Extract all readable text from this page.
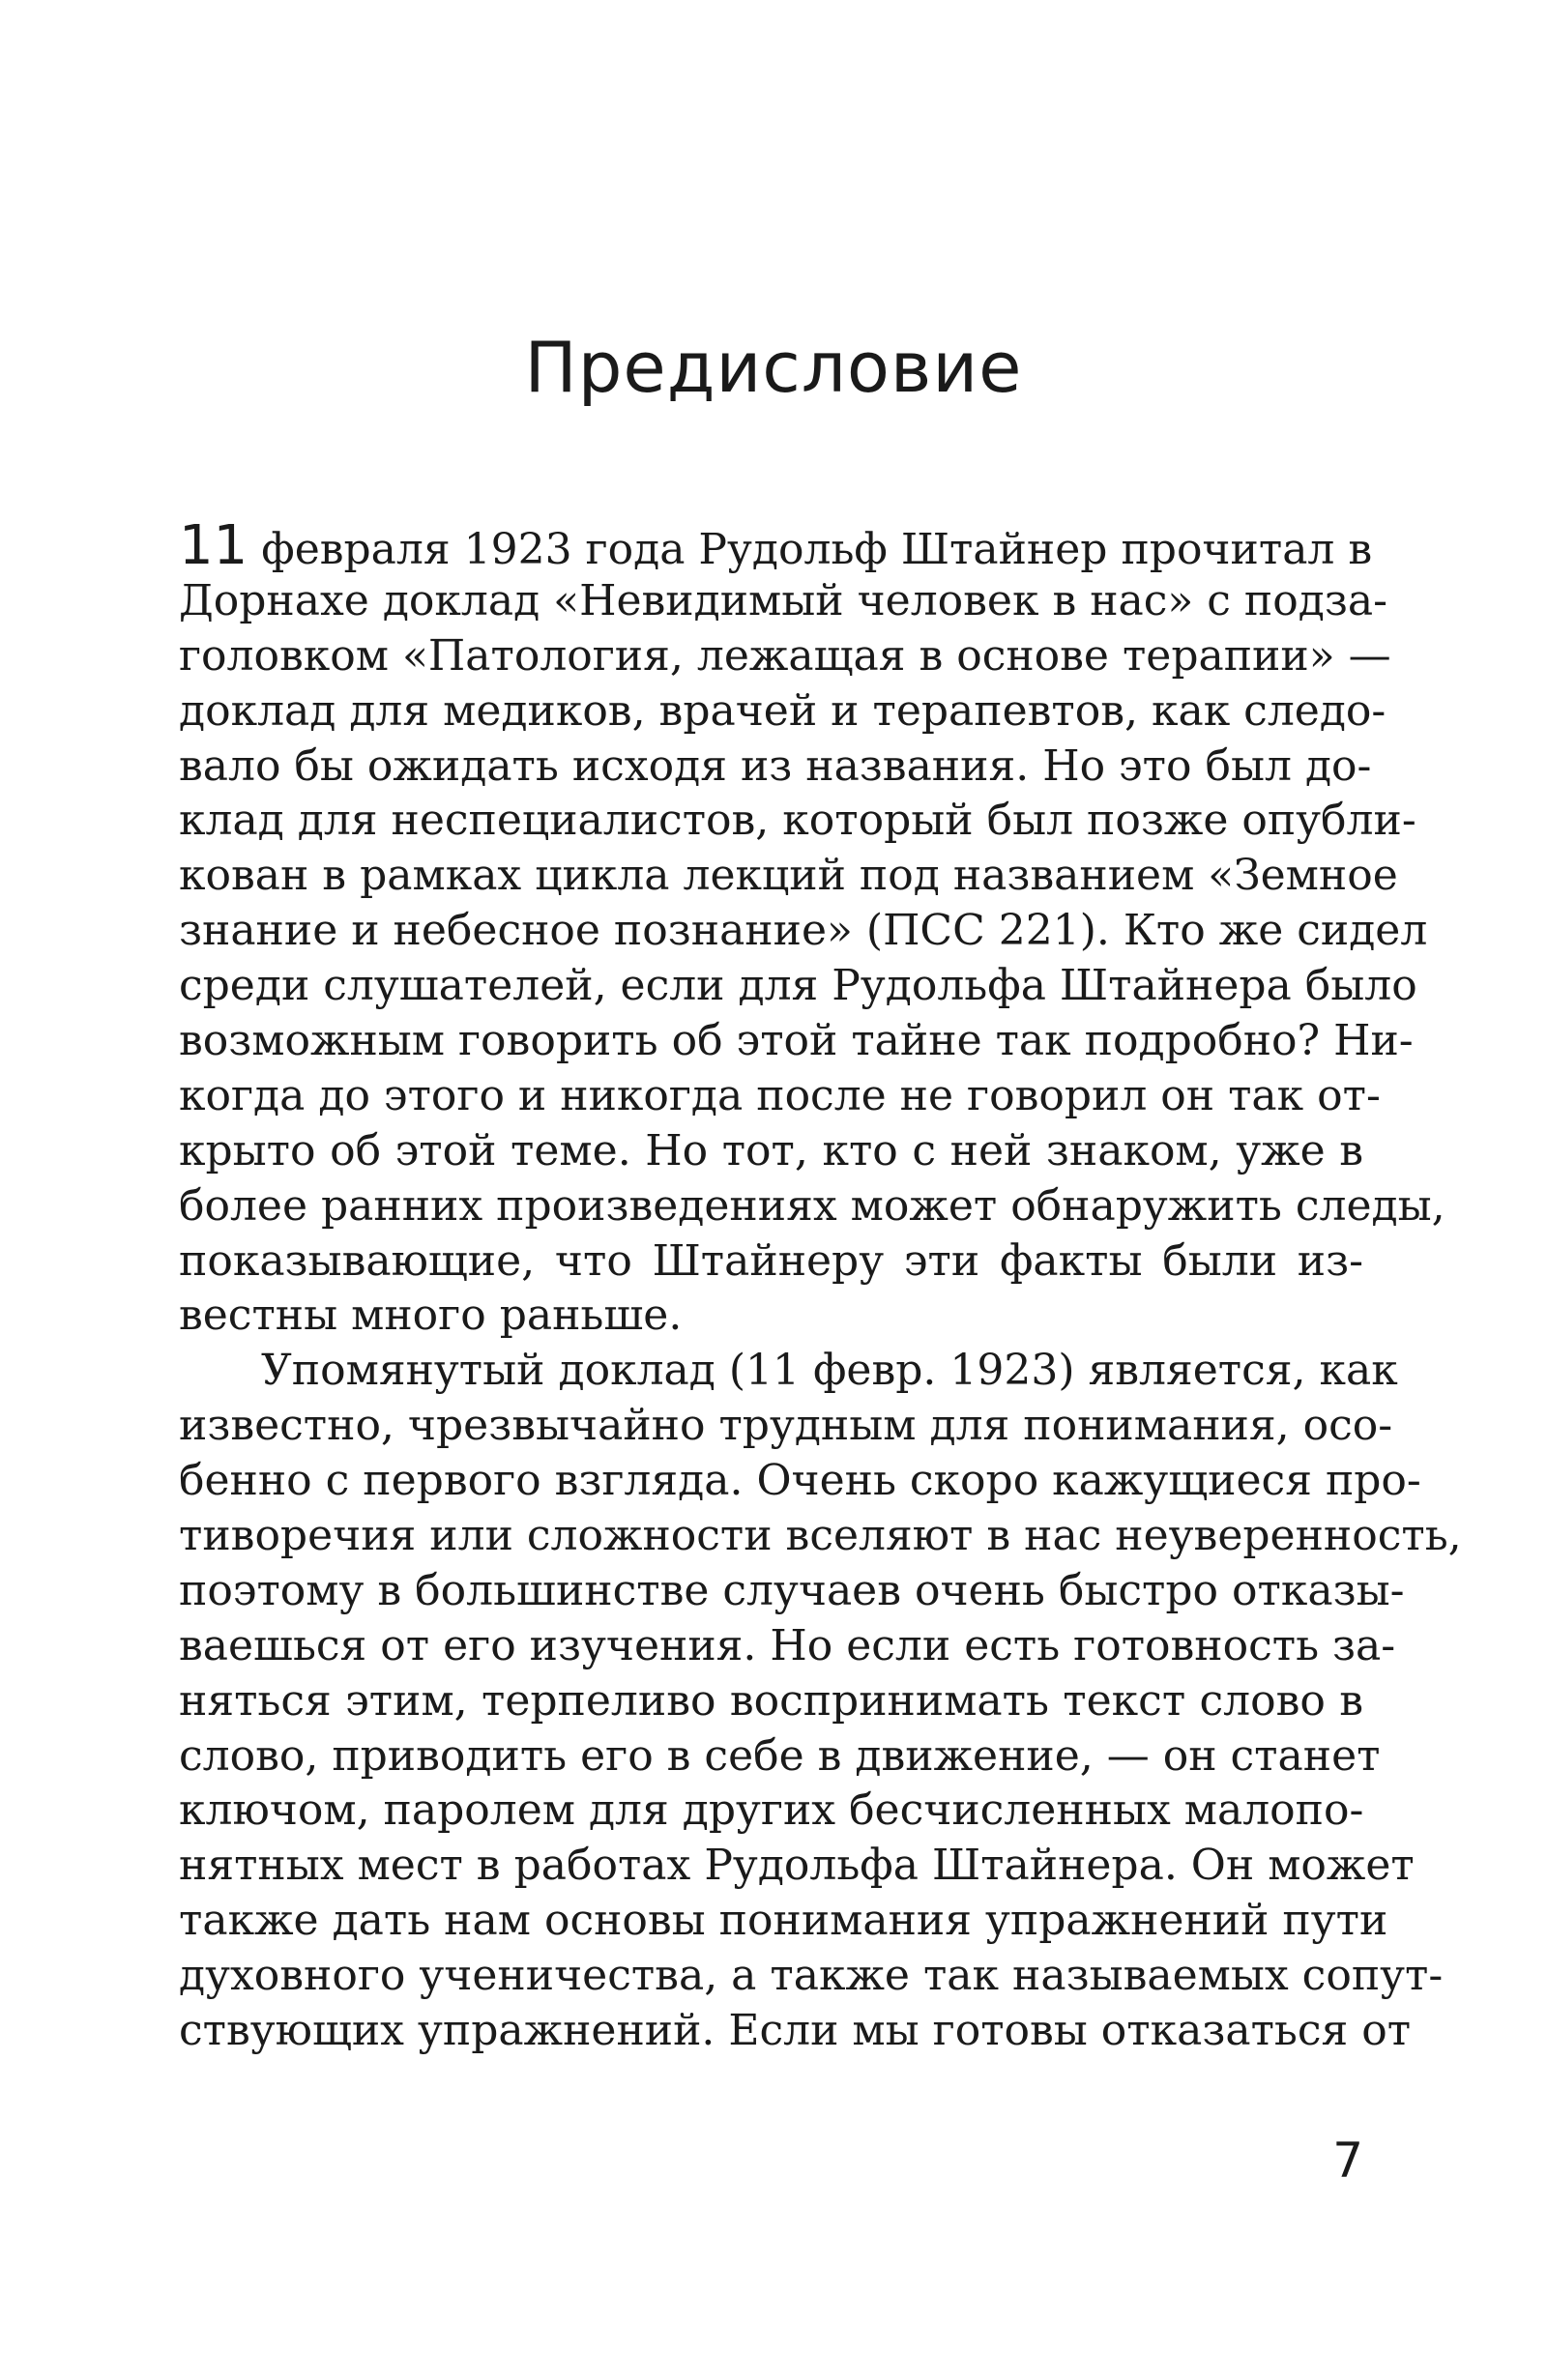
Предисловие
11 февраля 1923 года Рудольф Штайнер прочитал в
Дорнахе доклад «Невидимый человек в нас» с подза-
головком «Патология, лежащая в основе терапии» —
доклад для медиков, врачей и терапевтов, как следо-
вало бы ожидать исходя из названия. Но это был до-
клад для неспециалистов, который был позже опубли-
кован в рамках цикла лекций под названием «Земное
знание и небесное познание» (ПСС 221). Кто же сидел
среди слушателей, если для Рудольфа Штайнера было
возможным говорить об этой тайне так подробно? Ни-
когда до этого и никогда после не говорил он так от-
крыто об этой теме. Но тот, кто с ней знаком, уже в
более ранних произведениях может обнаружить следы,
показывающие, что Штайнеру эти факты были из-
вестны много раньше.
Упомянутый доклад (11 февр. 1923) является, как
известно, чрезвычайно трудным для понимания, осо-
бенно с первого взгляда. Очень скоро кажущиеся про-
тиворечия или сложности вселяют в нас неуверенность,
поэтому в большинстве случаев очень быстро отказы-
ваешься от его изучения. Но если есть готовность за-
няться этим, терпеливо воспринимать текст слово в
слово, приводить его в себе в движение, — он станет
ключом, паролем для других бесчисленных малопо-
нятных мест в работах Рудольфа Штайнера. Он может
также дать нам основы понимания упражнений пути
духовного ученичества, а также так называемых сопут-
ствующих упражнений. Если мы готовы отказаться от
7
